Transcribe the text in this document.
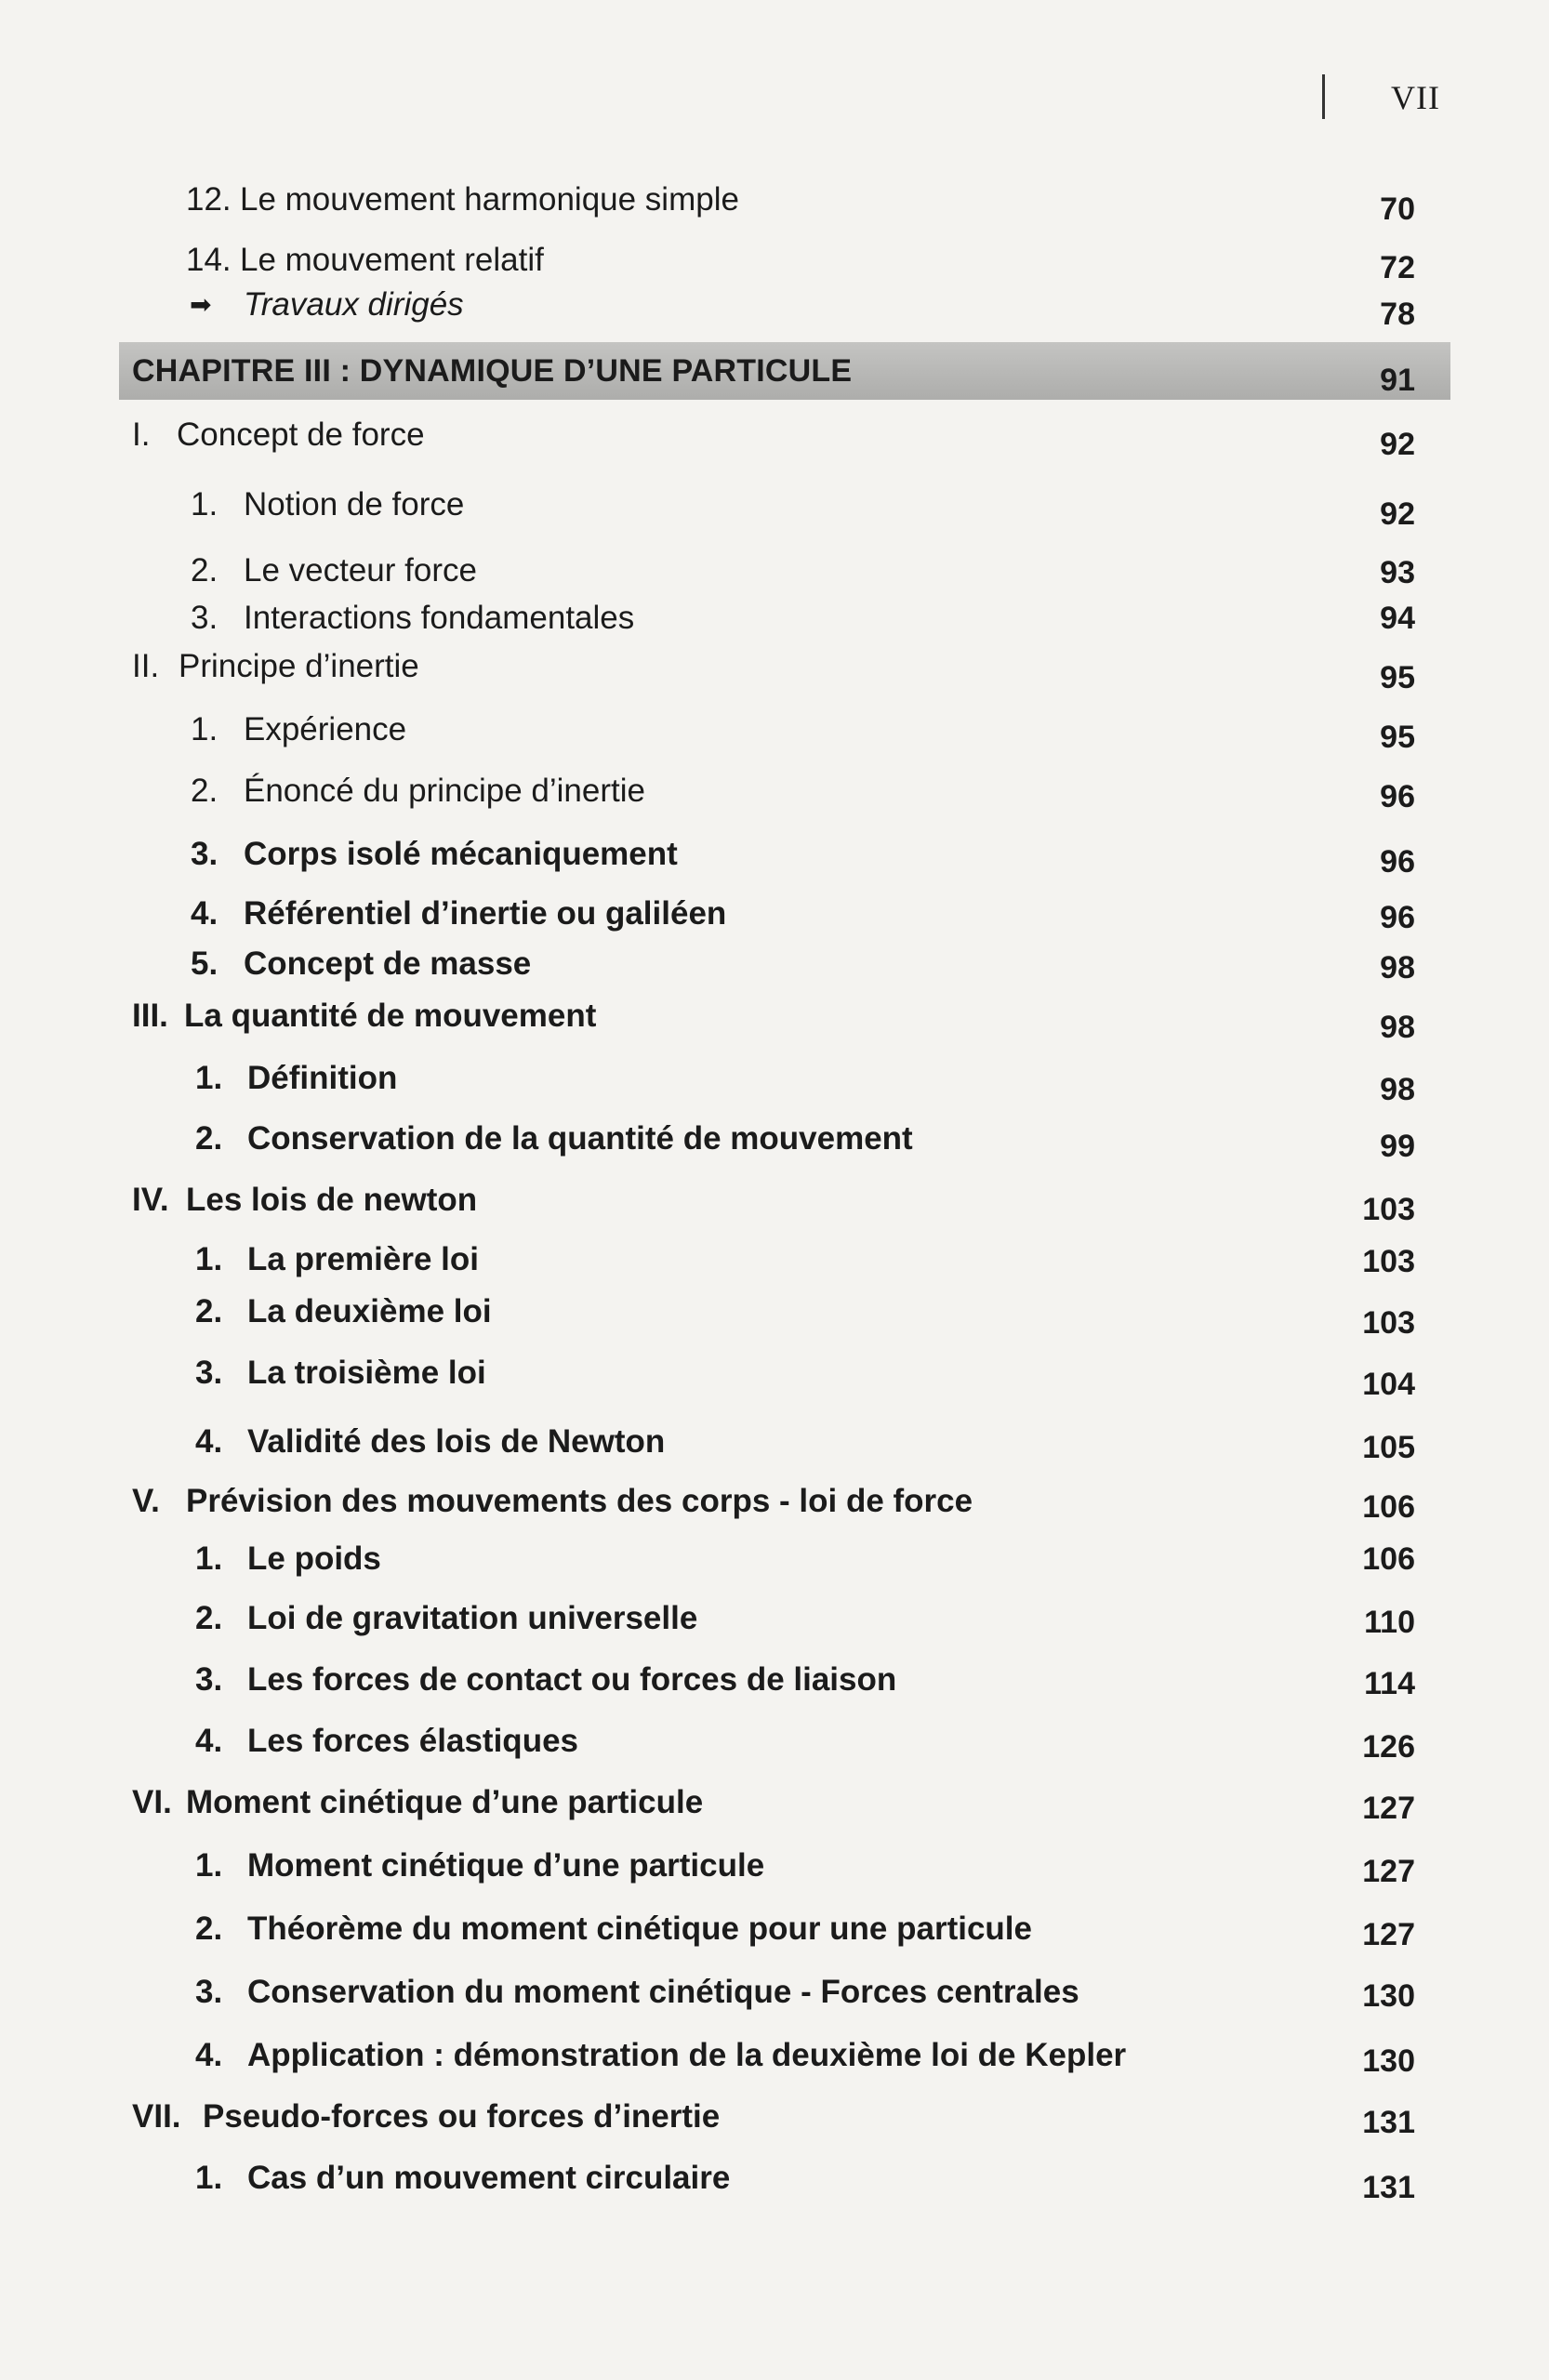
VII
12. Le mouvement harmonique simple	70
14. Le mouvement relatif	72
➡ Travaux dirigés	78
CHAPITRE III : DYNAMIQUE D’UNE PARTICULE	91
I. Concept de force	92
1. Notion de force	92
2. Le vecteur force	93
3. Interactions fondamentales	94
II. Principe d’inertie	95
1. Expérience	95
2. Énoncé du principe d’inertie	96
3. Corps isolé mécaniquement	96
4. Référentiel d’inertie ou galiléen	96
5. Concept de masse	98
III. La quantité de mouvement	98
1. Définition	98
2. Conservation de la quantité de mouvement	99
IV. Les lois de newton	103
1. La première loi	103
2. La deuxième loi	103
3. La troisième loi	104
4. Validité des lois de Newton	105
V. Prévision des mouvements des corps - loi de force	106
1. Le poids	106
2. Loi de gravitation universelle	110
3. Les forces de contact ou forces de liaison	114
4. Les forces élastiques	126
VI. Moment cinétique d’une particule	127
1. Moment cinétique d’une particule	127
2. Théorème du moment cinétique pour une particule	127
3. Conservation du moment cinétique - Forces centrales	130
4. Application : démonstration de la deuxième loi de Kepler	130
VII. Pseudo-forces ou forces d’inertie	131
1. Cas d’un mouvement circulaire	131
